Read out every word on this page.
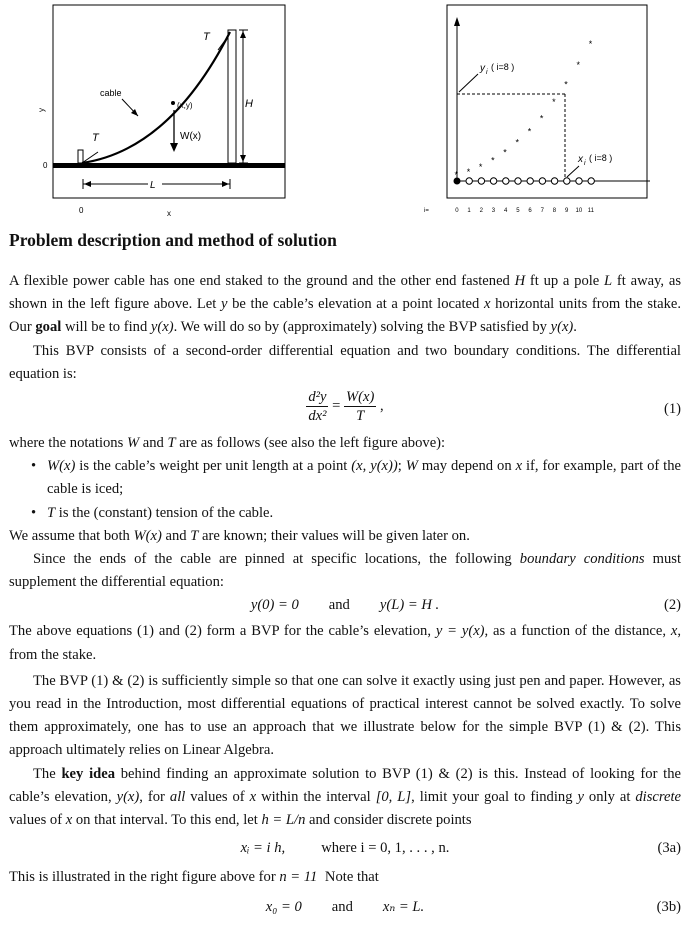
0	x
0
y
T
T
cable
(x,y)
W(x)
H
L
* * *
*
*
*
*
*
*
*
*
*
0 1 2 3 4 5 6 7 8 9 10 11
y i
( i=8 )
x i
( i=8 )
i=
Problem description and method of solution

A flexible power cable has one end staked to the ground and the other end fastened H ft up a pole L ft away, as shown in the left figure above. Let y be the cable’s elevation at a point located x horizontal units from the stake. Our goal will be to find y(x). We will do so by (approximately) solving the BVP satisfied by y(x).

This BVP consists of a second-order differential equation and two boundary conditions. The differential equation is:

$\frac{\text{d²y}}{\text{dx²}} = \frac{W(x)}{T}$ ,	(1)

where the notations W and T are as follows (see also the left figure above):

• W(x) is the cable’s weight per unit length at a point (x, y(x)); W may depend on x if, for example, part of the cable is iced;
• T is the (constant) tension of the cable.

We assume that both W(x) and T are known; their values will be given later on.

Since the ends of the cable are pinned at specific locations, the following boundary conditions must supplement the differential equation:

y(0) = 0 and y(L) = H .	(2)

The above equations (1) and (2) form a BVP for the cable’s elevation, y = y(x), as a function of the distance, x, from the stake.

The BVP (1) & (2) is sufficiently simple so that one can solve it exactly using just pen and paper. However, as you read in the Introduction, most differential equations of practical interest cannot be solved exactly. To solve them approximately, one has to use an approach that we illustrate below for the simple BVP (1) & (2). This approach ultimately relies on Linear Algebra.

The key idea behind finding an approximate solution to BVP (1) & (2) is this. Instead of looking for the cable’s elevation, y(x), for all values of x within the interval [0, L], limit your goal to finding y only at discrete values of x on that interval. To this end, let h = L/n and consider discrete points

xᵢ = i h, where i = 0, 1, . . . , n.	(3a)

This is illustrated in the right figure above for n = 11 Note that

x₀ = 0 and xₙ = L.	(3b)
